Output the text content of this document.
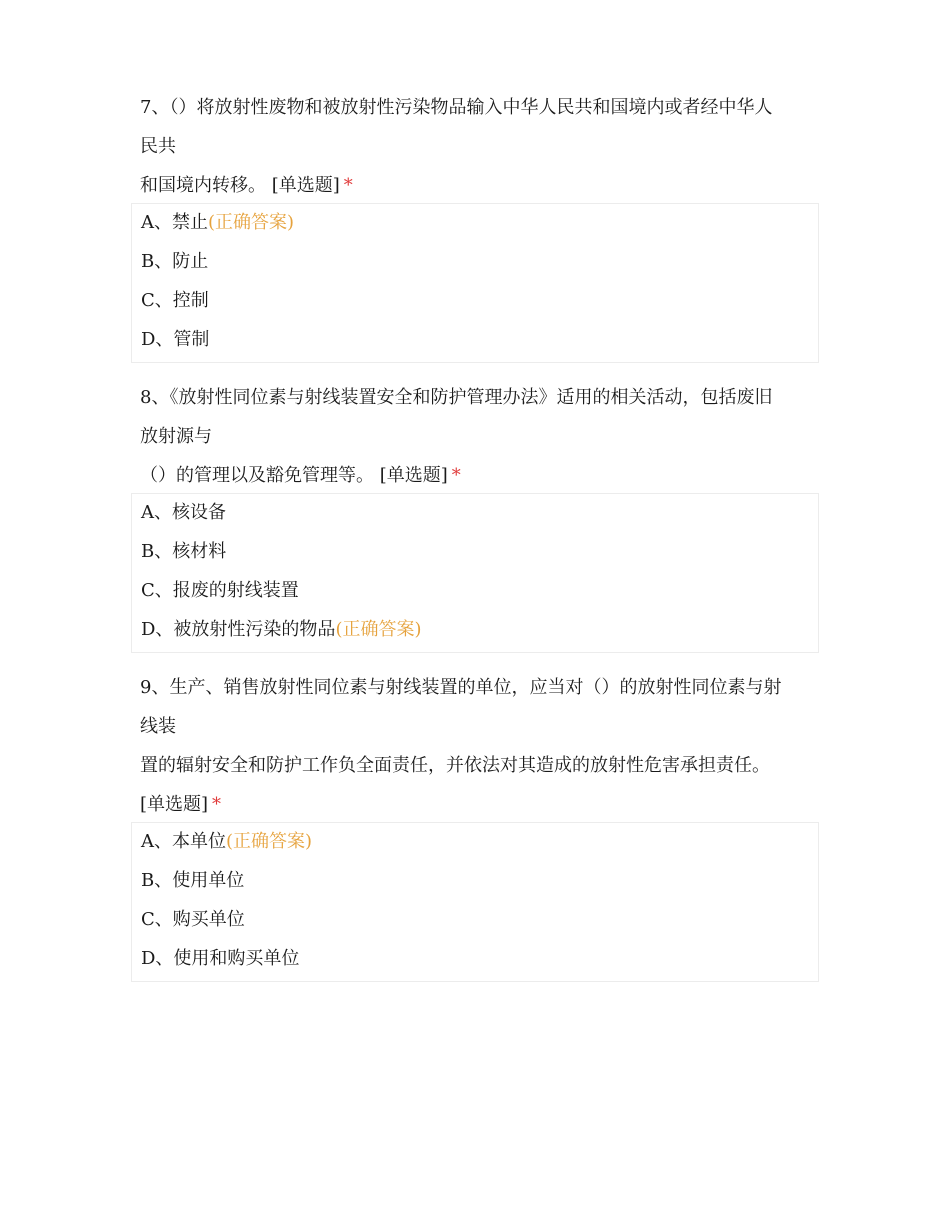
7、（）将放射性废物和被放射性污染物品输入中华人民共和国境内或者经中华人
民共
和国境内转移。 [单选题] *
A、禁止(正确答案)
B、防止
C、控制
D、管制
8、《放射性同位素与射线装置安全和防护管理办法》适用的相关活动，包括废旧
放射源与
（）的管理以及豁免管理等。 [单选题] *
A、核设备
B、核材料
C、报废的射线装置
D、被放射性污染的物品(正确答案)
9、生产、销售放射性同位素与射线装置的单位，应当对（）的放射性同位素与射
线装
置的辐射安全和防护工作负全面责任，并依法对其造成的放射性危害承担责任。
[单选题] *
A、本单位(正确答案)
B、使用单位
C、购买单位
D、使用和购买单位
